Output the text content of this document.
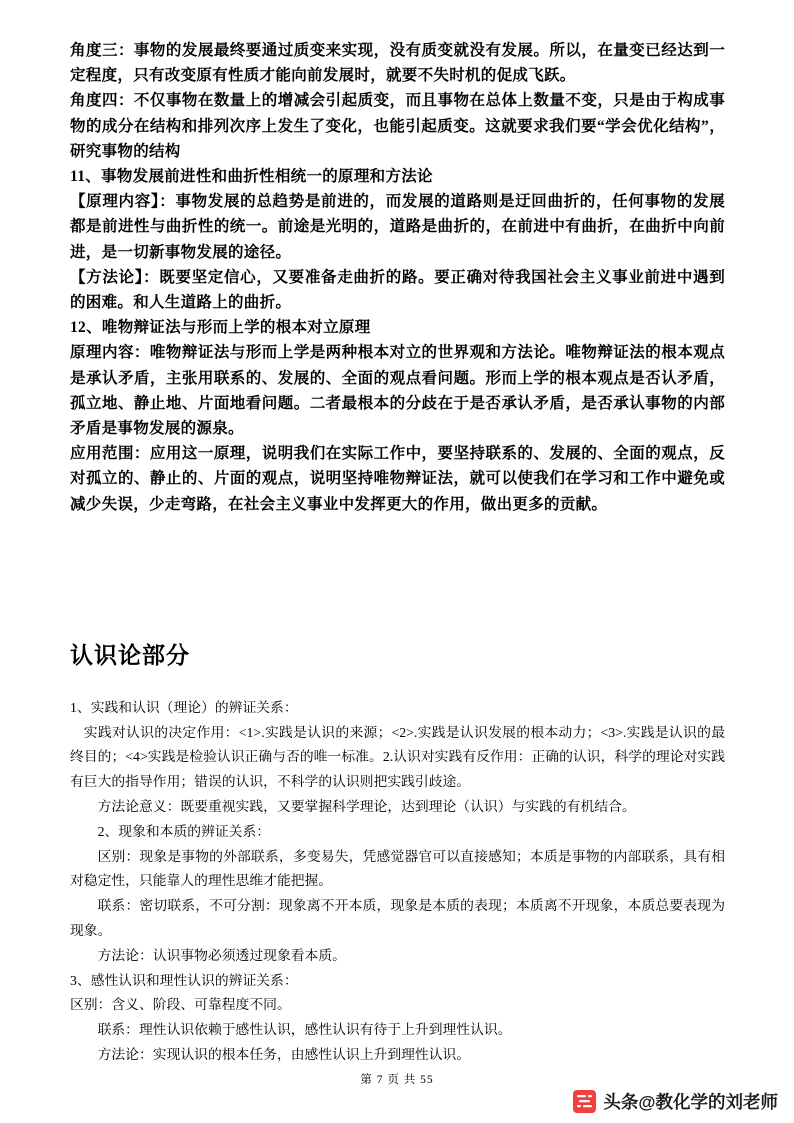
角度三：事物的发展最终要通过质变来实现，没有质变就没有发展。所以，在量变已经达到一定程度，只有改变原有性质才能向前发展时，就要不失时机的促成飞跃。

角度四：不仅事物在数量上的增减会引起质变，而且事物在总体上数量不变，只是由于构成事物的成分在结构和排列次序上发生了变化，也能引起质变。这就要求我们要“学会优化结构”，研究事物的结构

11、事物发展前进性和曲折性相统一的原理和方法论

【原理内容】：事物发展的总趋势是前进的，而发展的道路则是迂回曲折的，任何事物的发展都是前进性与曲折性的统一。前途是光明的，道路是曲折的，在前进中有曲折，在曲折中向前进，是一切新事物发展的途径。

【方法论】：既要坚定信心，又要准备走曲折的路。要正确对待我国社会主义事业前进中遇到的困难。和人生道路上的曲折。

12、唯物辩证法与形而上学的根本对立原理

原理内容：唯物辩证法与形而上学是两种根本对立的世界观和方法论。唯物辩证法的根本观点是承认矛盾，主张用联系的、发展的、全面的观点看问题。形而上学的根本观点是否认矛盾，孤立地、静止地、片面地看问题。二者最根本的分歧在于是否承认矛盾，是否承认事物的内部矛盾是事物发展的源泉。

应用范围：应用这一原理，说明我们在实际工作中，要坚持联系的、发展的、全面的观点，反对孤立的、静止的、片面的观点，说明坚持唯物辩证法，就可以使我们在学习和工作中避免或减少失误，少走弯路，在社会主义事业中发挥更大的作用，做出更多的贡献。

认识论部分

1、实践和认识（理论）的辨证关系：

实践对认识的决定作用：<1>.实践是认识的来源；<2>.实践是认识发展的根本动力；<3>.实践是认识的最终目的；<4>实践是检验认识正确与否的唯一标准。2.认识对实践有反作用：正确的认识，科学的理论对实践有巨大的指导作用；错误的认识，不科学的认识则把实践引歧途。

方法论意义：既要重视实践，又要掌握科学理论，达到理论（认识）与实践的有机结合。

2、现象和本质的辨证关系：

区别：现象是事物的外部联系，多变易失，凭感觉器官可以直接感知；本质是事物的内部联系，具有相对稳定性，只能靠人的理性思维才能把握。

联系：密切联系，不可分割：现象离不开本质，现象是本质的表现；本质离不开现象，本质总要表现为现象。

方法论：认识事物必须透过现象看本质。

3、感性认识和理性认识的辨证关系：

区别：含义、阶段、可靠程度不同。

联系：理性认识依赖于感性认识，感性认识有待于上升到理性认识。

方法论：实现认识的根本任务，由感性认识上升到理性认识。

第 7 页 共 55
头条@教化学的刘老师
